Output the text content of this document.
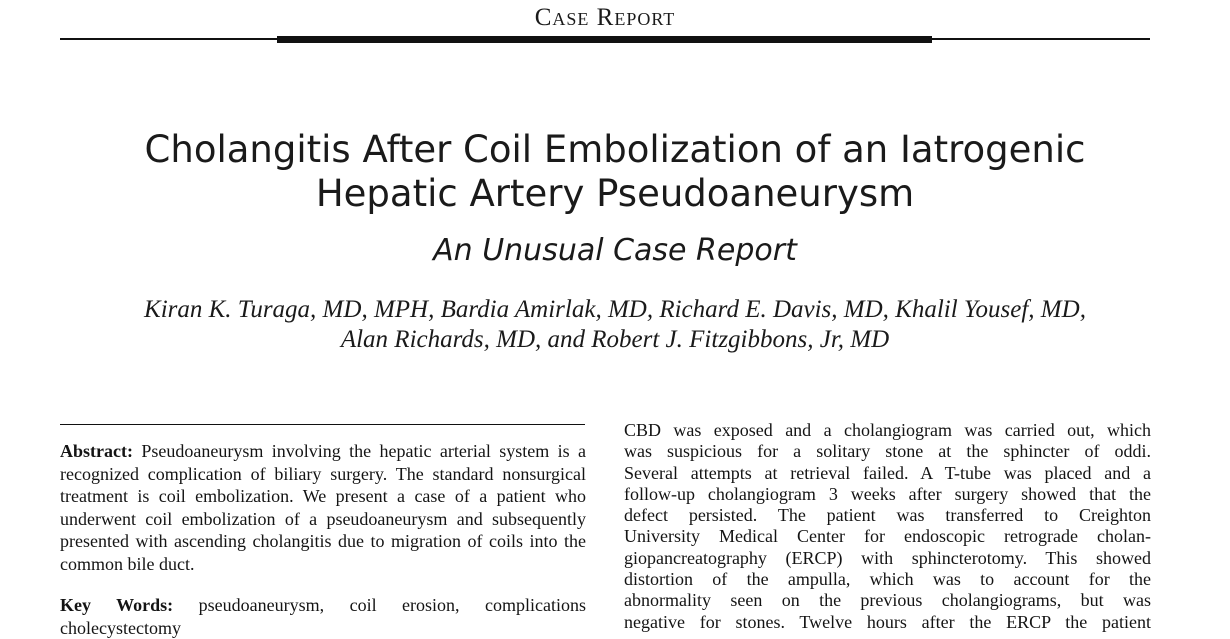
Case Report
Cholangitis After Coil Embolization of an Iatrogenic
Hepatic Artery Pseudoaneurysm
An Unusual Case Report
Kiran K. Turaga, MD, MPH, Bardia Amirlak, MD, Richard E. Davis, MD, Khalil Yousef, MD,
Alan Richards, MD, and Robert J. Fitzgibbons, Jr, MD

Abstract: Pseudoaneurysm involving the hepatic arterial system is a recognized complication of biliary surgery. The standard nonsurgical treatment is coil embolization. We present a case of a patient who underwent coil embolization of a pseudoaneurysm and subsequently presented with ascending cholangitis due to migration of coils into the common bile duct.

Key Words: pseudoaneurysm, coil erosion, complications cholecystectomy

CBD was exposed and a cholangiogram was carried out, which
was suspicious for a solitary stone at the sphincter of oddi.
Several attempts at retrieval failed. A T-tube was placed and a
follow-up cholangiogram 3 weeks after surgery showed that the
defect persisted. The patient was transferred to Creighton
University Medical Center for endoscopic retrograde cholan-
giopancreatography (ERCP) with sphincterotomy. This showed
distortion of the ampulla, which was to account for the
abnormality seen on the previous cholangiograms, but was
negative for stones. Twelve hours after the ERCP the patient
